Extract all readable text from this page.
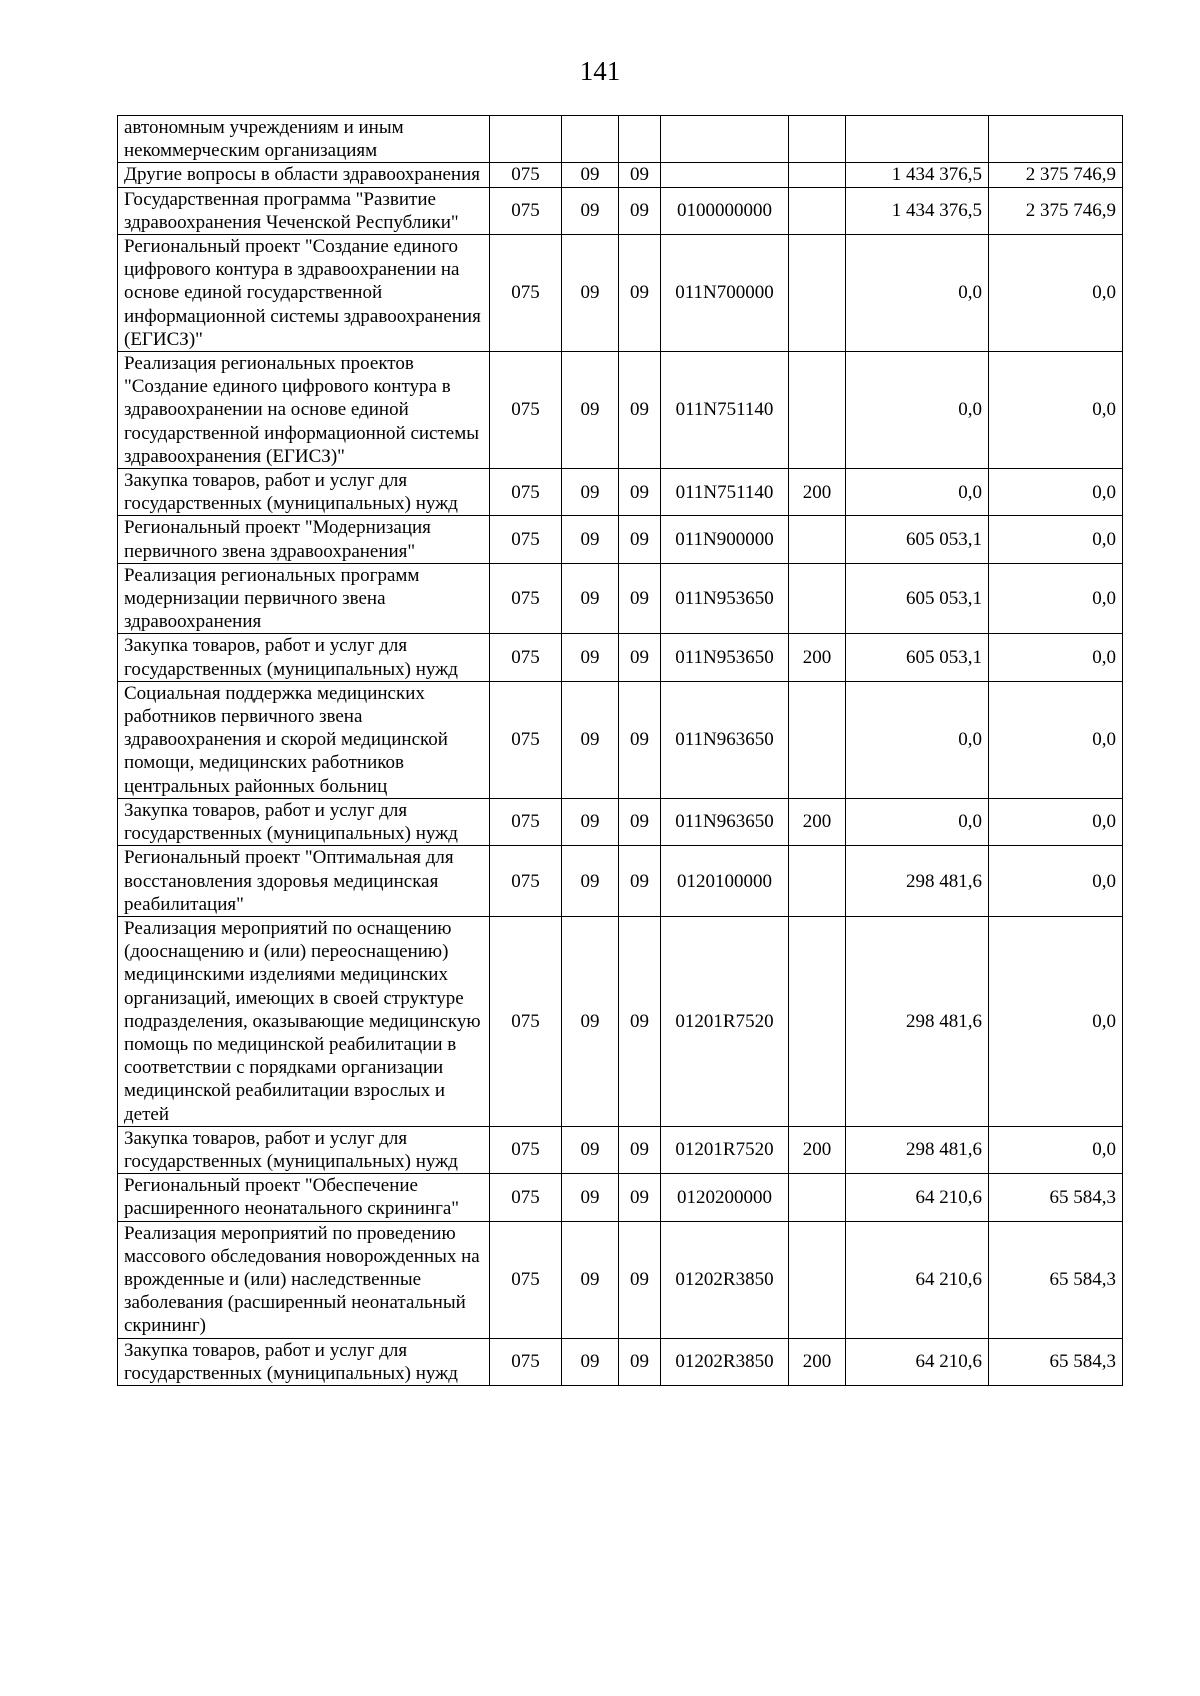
141
автономным учреждениям и иным некоммерческим организациям							
Другие вопросы в области здравоохранения	075	09	09			1 434 376,5	2 375 746,9
Государственная программа "Развитие здравоохранения Чеченской Республики"	075	09	09	0100000000		1 434 376,5	2 375 746,9
Региональный проект "Создание единого цифрового контура в здравоохранении на основе единой государственной информационной системы здравоохранения (ЕГИСЗ)"	075	09	09	011N700000		0,0	0,0
Реализация региональных проектов "Создание единого цифрового контура в здравоохранении на основе единой государственной информационной системы здравоохранения (ЕГИСЗ)"	075	09	09	011N751140		0,0	0,0
Закупка товаров, работ и услуг для государственных (муниципальных) нужд	075	09	09	011N751140	200	0,0	0,0
Региональный проект "Модернизация первичного звена здравоохранения"	075	09	09	011N900000		605 053,1	0,0
Реализация региональных программ модернизации первичного звена здравоохранения	075	09	09	011N953650		605 053,1	0,0
Закупка товаров, работ и услуг для государственных (муниципальных) нужд	075	09	09	011N953650	200	605 053,1	0,0
Социальная поддержка медицинских работников первичного звена здравоохранения и скорой медицинской помощи, медицинских работников центральных районных больниц	075	09	09	011N963650		0,0	0,0
Закупка товаров, работ и услуг для государственных (муниципальных) нужд	075	09	09	011N963650	200	0,0	0,0
Региональный проект "Оптимальная для восстановления здоровья медицинская реабилитация"	075	09	09	0120100000		298 481,6	0,0
Реализация мероприятий по оснащению (дооснащению и (или) переоснащению) медицинскими изделиями медицинских организаций, имеющих в своей структуре подразделения, оказывающие медицинскую помощь по медицинской реабилитации в соответствии с порядками организации медицинской реабилитации взрослых и детей	075	09	09	01201R7520		298 481,6	0,0
Закупка товаров, работ и услуг для государственных (муниципальных) нужд	075	09	09	01201R7520	200	298 481,6	0,0
Региональный проект "Обеспечение расширенного неонатального скрининга"	075	09	09	0120200000		64 210,6	65 584,3
Реализация мероприятий по проведению массового обследования новорожденных на врожденные и (или) наследственные заболевания (расширенный неонатальный скрининг)	075	09	09	01202R3850		64 210,6	65 584,3
Закупка товаров, работ и услуг для государственных (муниципальных) нужд	075	09	09	01202R3850	200	64 210,6	65 584,3
